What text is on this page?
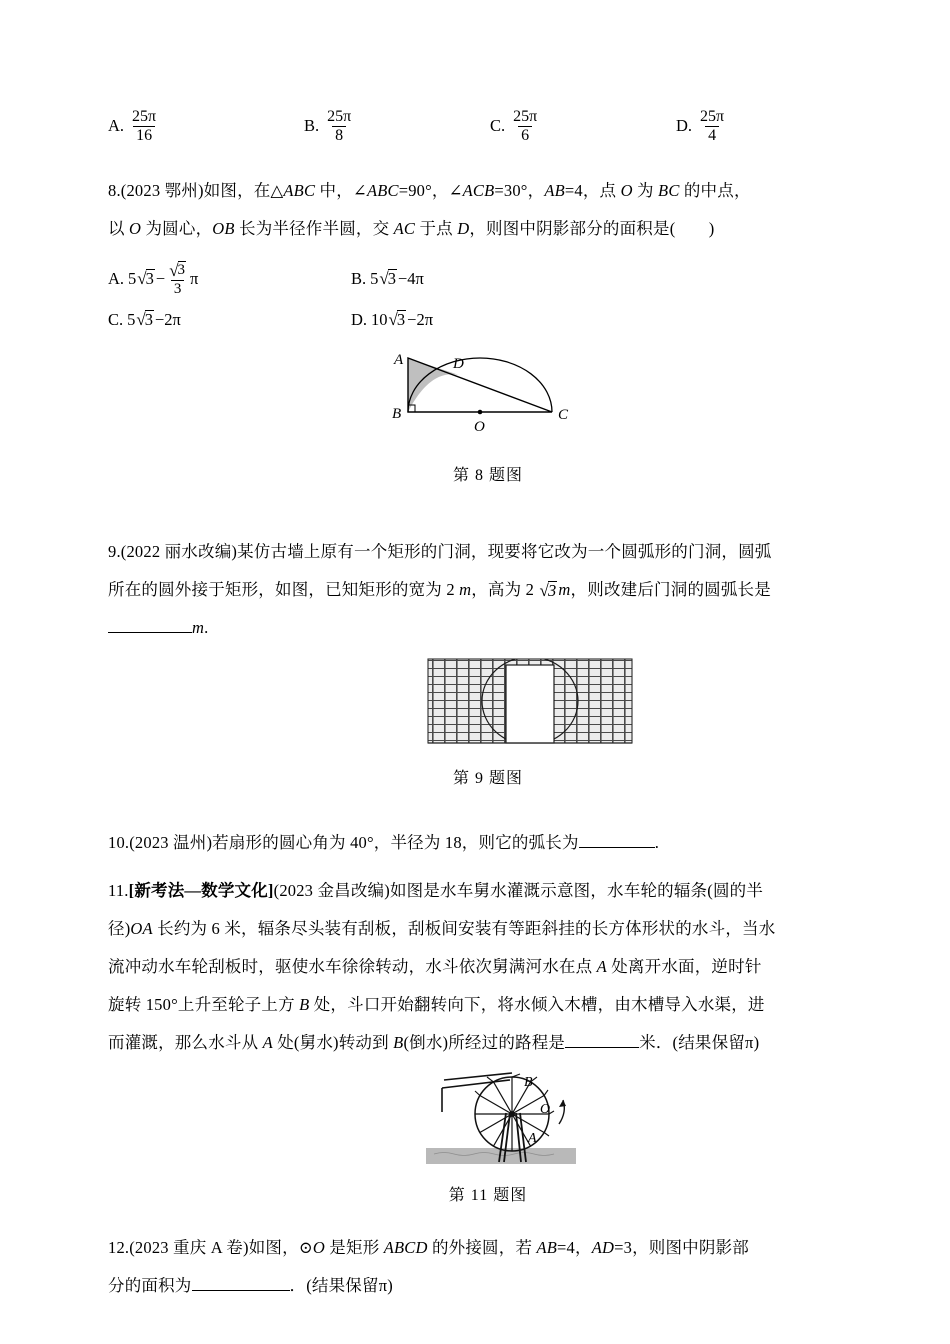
A. $\frac{25\pi}{16}$	B. $\frac{25\pi}{8}$	C. $\frac{25\pi}{6}$	D. $\frac{25\pi}{4}$
8.(2023 鄂州)如图，在△ABC 中，∠ABC=90°，∠ACB=30°，AB=4，点 O 为 BC 的中点，
以 O 为圆心，OB 长为半径作半圆，交 AC 于点 D，则图中阴影部分的面积是(　　)
A. 5 √ $3 - \frac{√ 3}{3}$ π	B. 5 √ 3 −4π
C. 5 √ 3 −2π	D. 10 √ 3 −2π
A
B	C
D
O
第 8 题图
9.(2022 丽水改编)某仿古墙上原有一个矩形的门洞，现要将它改为一个圆弧形的门洞，圆弧
所在的圆外接于矩形，如图，已知矩形的宽为 2 m，高为 2 √ 3 m，则改建后门洞的圆弧长是
m.
第 9 题图
10.(2023 温州)若扇形的圆心角为 40°，半径为 18，则它的弧长为	.
11.[新考法—数学文化](2023 金昌改编)如图是水车舅水灌溉示意图，水车轮的辐条(圆的半
径)OA 长约为 6 米，辐条尽头装有刮板，刮板间安装有等距斜挂的长方体形状的水斗，当水
流冲动水车轮刮板时，驱使水车徐徐转动，水斗依次舅满河水在点 A 处离开水面，逆时针
旋转 150°上升至轮子上方 B 处，斗口开始翻转向下，将水倾入木槽，由木槽导入水渠，进
而灌溉，那么水斗从 A 处(舅水)转动到 B(倒水)所经过的路程是	米．(结果保留π)
B
O
A
第 11 题图
12.(2023 重庆 A 卷)如图，⊙O 是矩形 ABCD 的外接圆，若 AB=4，AD=3，则图中阴影部
分的面积为	．(结果保留π)
